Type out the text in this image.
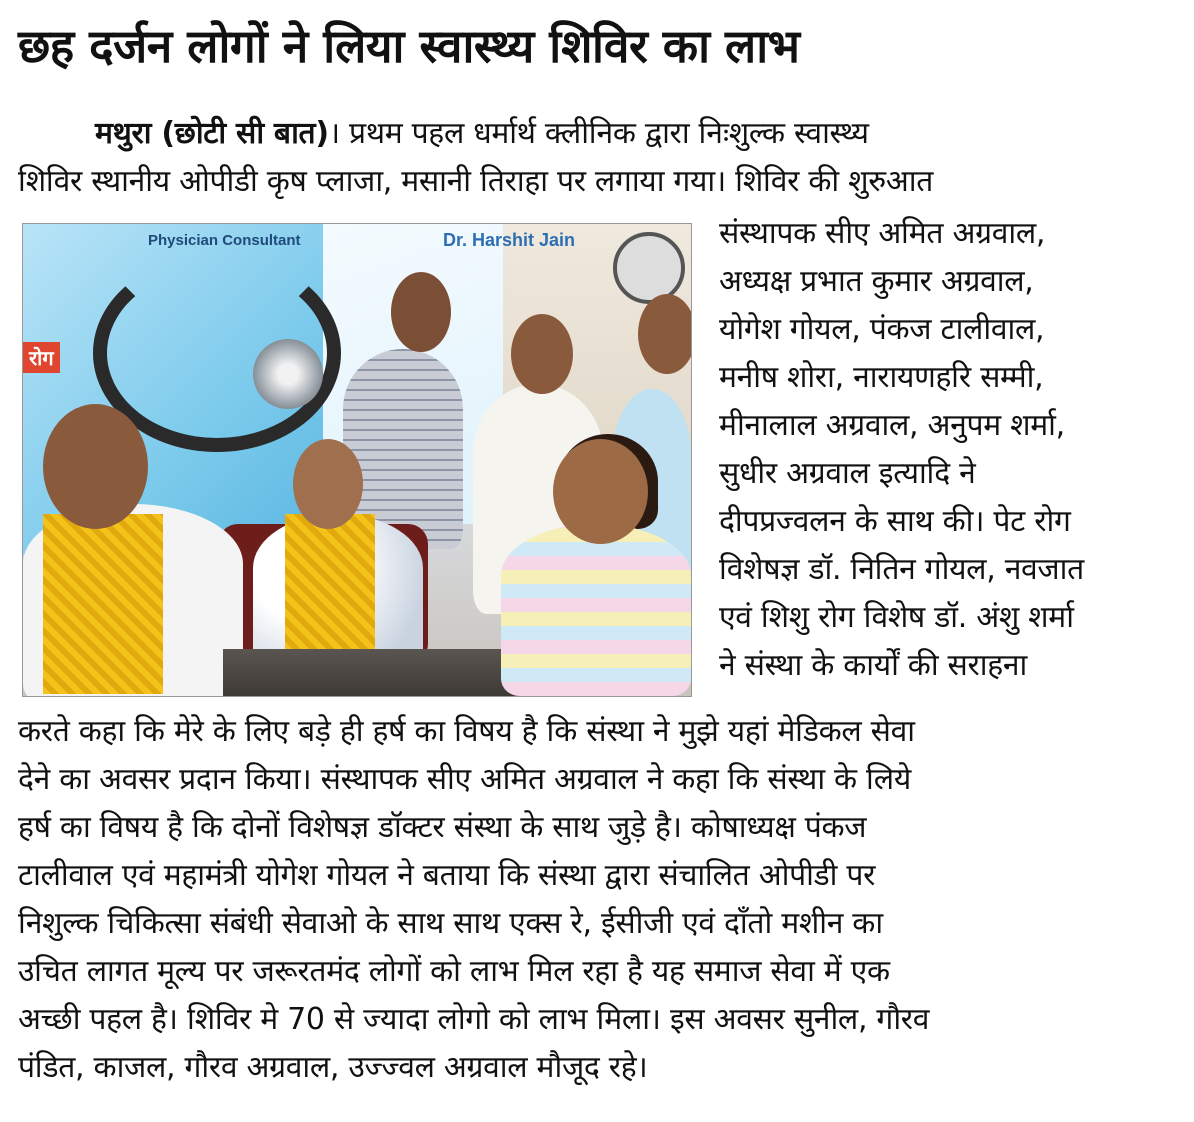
छह दर्जन लोगों ने लिया स्वास्थ्य शिविर का लाभ
मथुरा (छोटी सी बात)। प्रथम पहल धर्मार्थ क्लीनिक द्वारा निःशुल्क स्वास्थ्य
शिविर स्थानीय ओपीडी कृष प्लाजा, मसानी तिराहा पर लगाया गया। शिविर की शुरुआत
Physician Consultant	Dr. Harshit Jain
रोग
संस्थापक सीए अमित अग्रवाल,
अध्यक्ष प्रभात कुमार अग्रवाल,
योगेश गोयल, पंकज टालीवाल,
मनीष शोरा, नारायणहरि सम्मी,
मीनालाल अग्रवाल, अनुपम शर्मा,
सुधीर अग्रवाल इत्यादि ने
दीपप्रज्वलन के साथ की। पेट रोग
विशेषज्ञ डॉ. नितिन गोयल, नवजात
एवं शिशु रोग विशेष डॉ. अंशु शर्मा
ने संस्था के कार्यों की सराहना
करते कहा कि मेरे के लिए बड़े ही हर्ष का विषय है कि संस्था ने मुझे यहां मेडिकल सेवा
देने का अवसर प्रदान किया। संस्थापक सीए अमित अग्रवाल ने कहा कि संस्था के लिये
हर्ष का विषय है कि दोनों विशेषज्ञ डॉक्टर संस्था के साथ जुड़े है। कोषाध्यक्ष पंकज
टालीवाल एवं महामंत्री योगेश गोयल ने बताया कि संस्था द्वारा संचालित ओपीडी पर
निशुल्क चिकित्सा संबंधी सेवाओ के साथ साथ एक्स रे, ईसीजी एवं दाँतो मशीन का
उचित लागत मूल्य पर जरूरतमंद लोगों को लाभ मिल रहा है यह समाज सेवा में एक
अच्छी पहल है। शिविर मे 70 से ज्यादा लोगो को लाभ मिला। इस अवसर सुनील, गौरव
पंडित, काजल, गौरव अग्रवाल, उज्ज्वल अग्रवाल मौजूद रहे।
